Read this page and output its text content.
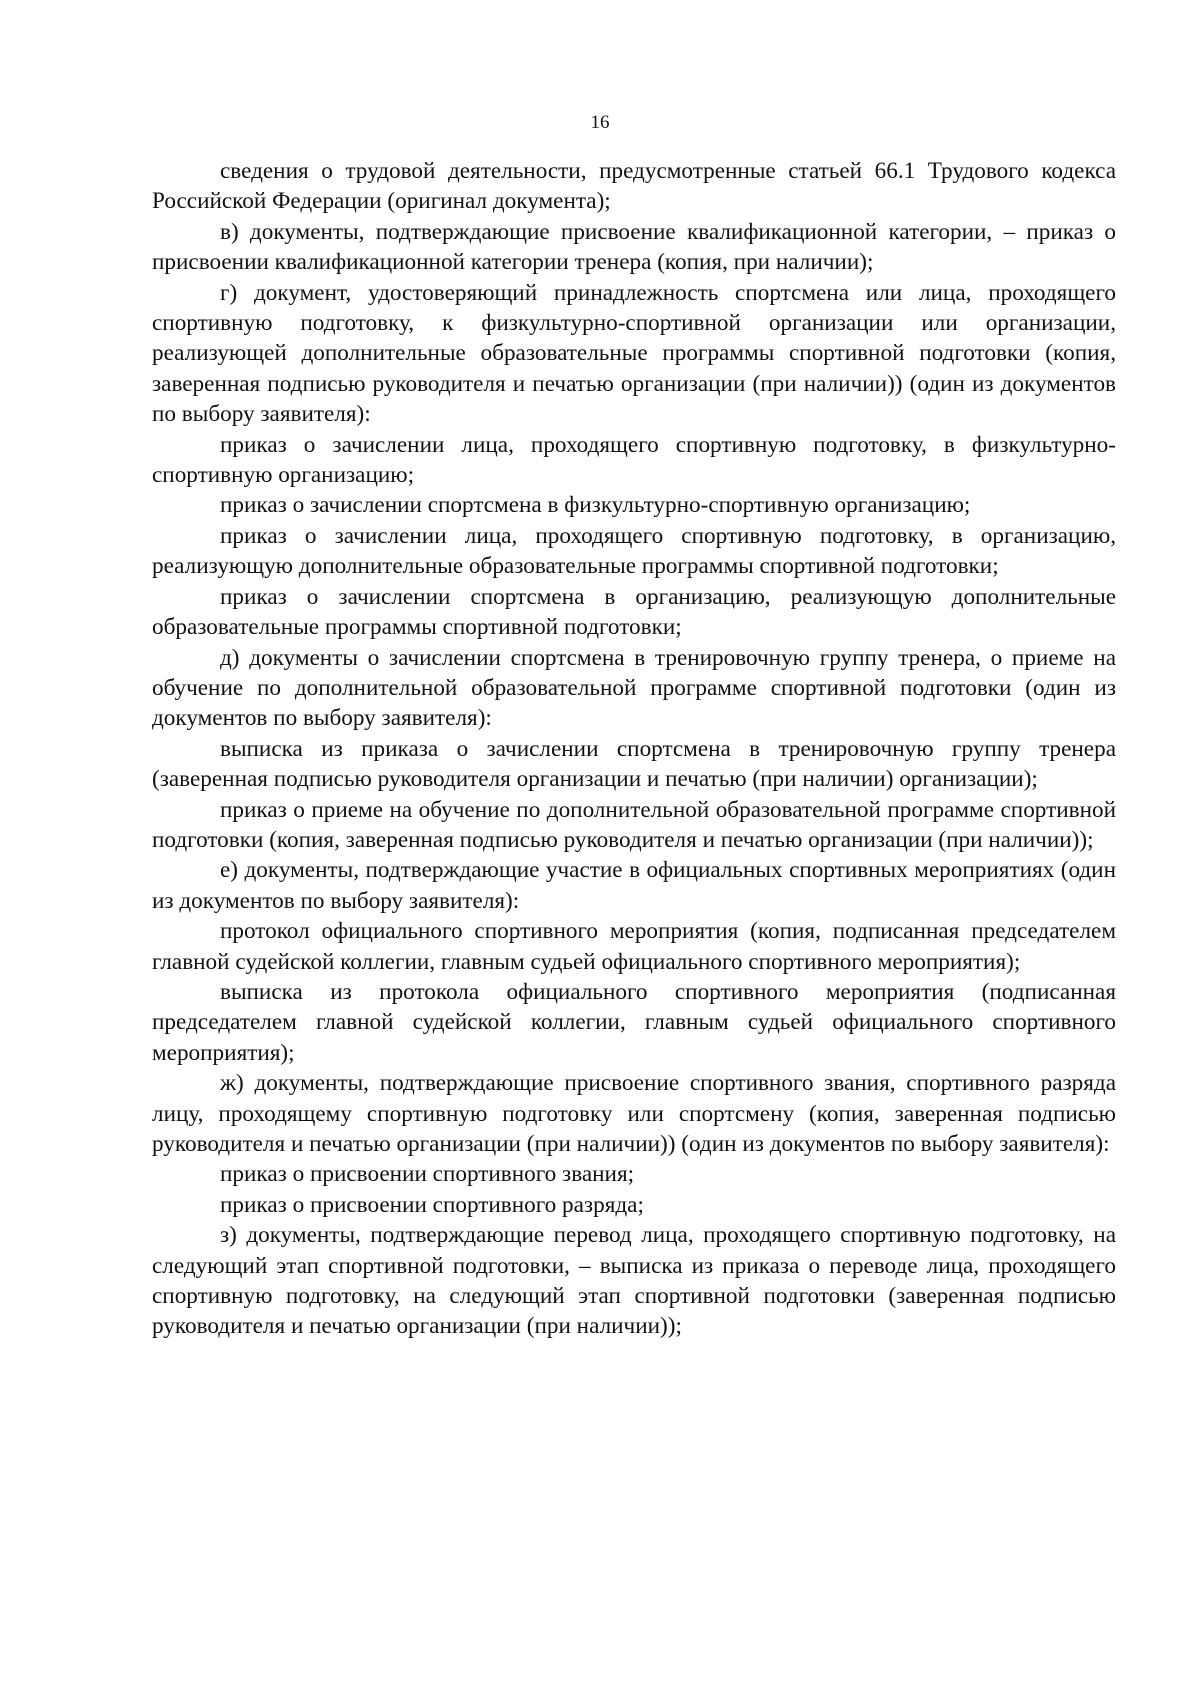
16

сведения о трудовой деятельности, предусмотренные статьей 66.1 Трудового кодекса Российской Федерации (оригинал документа);

в) документы, подтверждающие присвоение квалификационной категории, – приказ о присвоении квалификационной категории тренера (копия, при наличии);

г) документ, удостоверяющий принадлежность спортсмена или лица, проходящего спортивную подготовку, к физкультурно-спортивной организации или организации, реализующей дополнительные образовательные программы спортивной подготовки (копия, заверенная подписью руководителя и печатью организации (при наличии)) (один из документов по выбору заявителя):

приказ о зачислении лица, проходящего спортивную подготовку, в физкультурно-спортивную организацию;

приказ о зачислении спортсмена в физкультурно-спортивную организацию;

приказ о зачислении лица, проходящего спортивную подготовку, в организацию, реализующую дополнительные образовательные программы спортивной подготовки;

приказ о зачислении спортсмена в организацию, реализующую дополнительные образовательные программы спортивной подготовки;

д) документы о зачислении спортсмена в тренировочную группу тренера, о приеме на обучение по дополнительной образовательной программе спортивной подготовки (один из документов по выбору заявителя):

выписка из приказа о зачислении спортсмена в тренировочную группу тренера (заверенная подписью руководителя организации и печатью (при наличии) организации);

приказ о приеме на обучение по дополнительной образовательной программе спортивной подготовки (копия, заверенная подписью руководителя и печатью организации (при наличии));

е) документы, подтверждающие участие в официальных спортивных мероприятиях (один из документов по выбору заявителя):

протокол официального спортивного мероприятия (копия, подписанная председателем главной судейской коллегии, главным судьей официального спортивного мероприятия);

выписка из протокола официального спортивного мероприятия (подписанная председателем главной судейской коллегии, главным судьей официального спортивного мероприятия);

ж) документы, подтверждающие присвоение спортивного звания, спортивного разряда лицу, проходящему спортивную подготовку или спортсмену (копия, заверенная подписью руководителя и печатью организации (при наличии)) (один из документов по выбору заявителя):

приказ о присвоении спортивного звания;

приказ о присвоении спортивного разряда;

з) документы, подтверждающие перевод лица, проходящего спортивную подготовку, на следующий этап спортивной подготовки, – выписка из приказа о переводе лица, проходящего спортивную подготовку, на следующий этап спортивной подготовки (заверенная подписью руководителя и печатью организации (при наличии));
